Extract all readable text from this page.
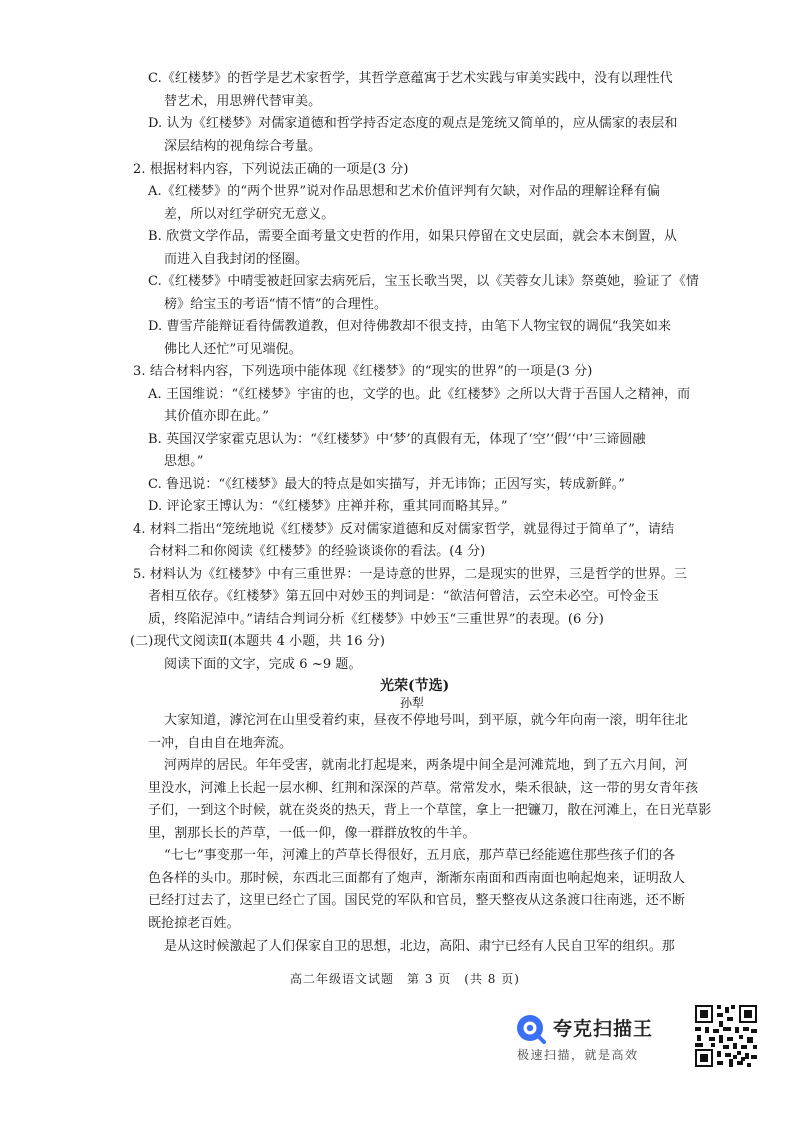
C.《红楼梦》的哲学是艺术家哲学，其哲学意蕴寓于艺术实践与审美实践中，没有以理性代
替艺术，用思辨代替审美。
D. 认为《红楼梦》对儒家道德和哲学持否定态度的观点是笼统又简单的，应从儒家的表层和
深层结构的视角综合考量。
2. 根据材料内容，下列说法正确的一项是(3 分)
A.《红楼梦》的“两个世界”说对作品思想和艺术价值评判有欠缺，对作品的理解诠释有偏
差，所以对红学研究无意义。
B. 欣赏文学作品，需要全面考量文史哲的作用，如果只停留在文史层面，就会本末倒置，从
而进入自我封闭的怪圈。
C.《红楼梦》中晴雯被赶回家去病死后，宝玉长歌当哭，以《芙蓉女儿诔》祭奠她，验证了《情
榜》给宝玉的考语“情不情”的合理性。
D. 曹雪芹能辩证看待儒教道教，但对待佛教却不很支持，由笔下人物宝钗的调侃“我笑如来
佛比人还忙”可见端倪。
3. 结合材料内容，下列选项中能体现《红楼梦》的“现实的世界”的一项是(3 分)
A. 王国维说：“《红楼梦》宇宙的也，文学的也。此《红楼梦》之所以大背于吾国人之精神，而
其价值亦即在此。”
B. 英国汉学家霍克思认为：“《红楼梦》中‘梦’的真假有无，体现了‘空’‘假’‘中’三谛圆融
思想。”
C. 鲁迅说：“《红楼梦》最大的特点是如实描写，并无讳饰；正因写实，转成新鲜。”
D. 评论家王博认为：“《红楼梦》庄禅并称，重其同而略其异。”
4. 材料二指出“笼统地说《红楼梦》反对儒家道德和反对儒家哲学，就显得过于简单了”，请结
合材料二和你阅读《红楼梦》的经验谈谈你的看法。(4 分)
5. 材料认为《红楼梦》中有三重世界：一是诗意的世界，二是现实的世界，三是哲学的世界。三
者相互依存。《红楼梦》第五回中对妙玉的判词是：“欲洁何曾洁，云空未必空。可怜金玉
质，终陷泥淖中。”请结合判词分析《红楼梦》中妙玉“三重世界”的表现。(6 分)
(二)现代文阅读Ⅱ(本题共 4 小题，共 16 分)
阅读下面的文字，完成 6 ~9 题。
光荣(节选)
孙犁
大家知道，滹沱河在山里受着约束，昼夜不停地号叫，到平原，就今年向南一滚，明年往北
一冲，自由自在地奔流。
河两岸的居民。年年受害，就南北打起堤来，两条堤中间全是河滩荒地，到了五六月间，河
里没水，河滩上长起一层水柳、红荆和深深的芦草。常常发水，柴禾很缺，这一带的男女青年孩
子们，一到这个时候，就在炎炎的热天，背上一个草筐，拿上一把镰刀，散在河滩上，在日光草影
里，割那长长的芦草，一低一仰，像一群群放牧的牛羊。
“七七”事变那一年，河滩上的芦草长得很好，五月底，那芦草已经能遮住那些孩子们的各
色各样的头巾。那时候，东西北三面都有了炮声，渐渐东南面和西南面也响起炮来，证明敌人
已经打过去了，这里已经亡了国。国民党的军队和官员，整天整夜从这条渡口往南逃，还不断
既抢掠老百姓。
是从这时候激起了人们保家自卫的思想，北边，高阳、肃宁已经有人民自卫军的组织。那
高二年级语文试题　第 3 页　(共 8 页)
夸克扫描王
极速扫描，就是高效
